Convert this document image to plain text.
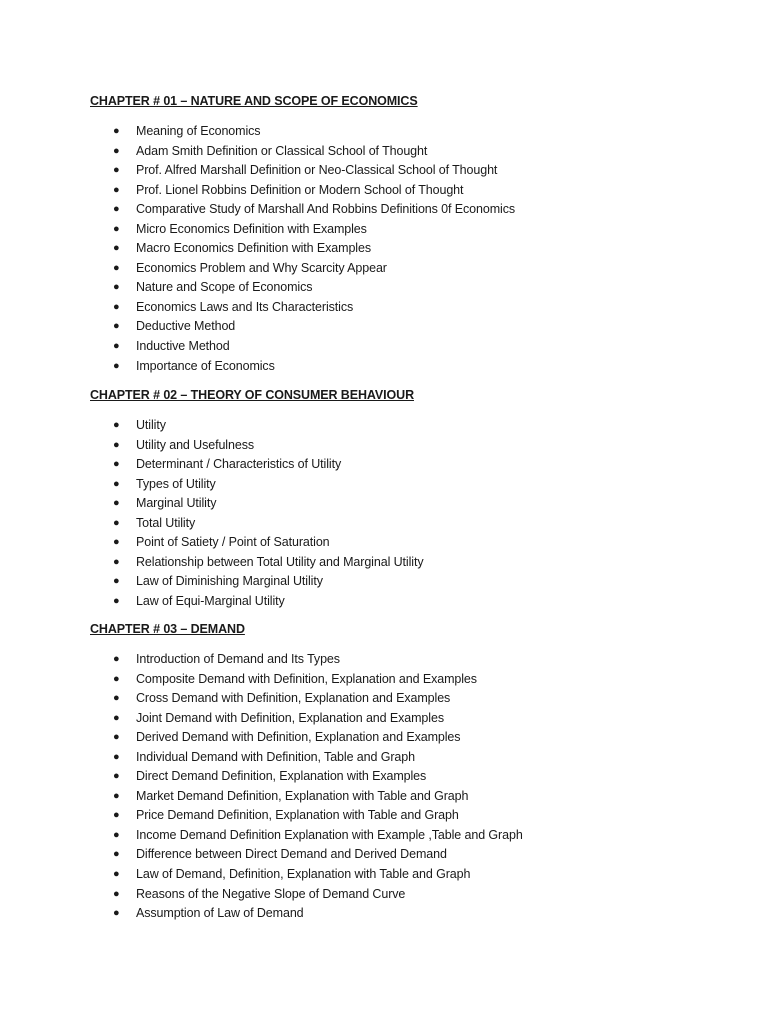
CHAPTER # 01 – NATURE AND SCOPE OF ECONOMICS
● Meaning of Economics
● Adam Smith Definition or Classical School of Thought
● Prof. Alfred Marshall Definition or Neo-Classical School of Thought
● Prof. Lionel Robbins Definition or Modern School of Thought
● Comparative Study of Marshall And Robbins Definitions 0f Economics
● Micro Economics Definition with Examples
● Macro Economics Definition with Examples
● Economics Problem and Why Scarcity Appear
● Nature and Scope of Economics
● Economics Laws and Its Characteristics
● Deductive Method
● Inductive Method
● Importance of Economics
CHAPTER # 02 – THEORY OF CONSUMER BEHAVIOUR
● Utility
● Utility and Usefulness
● Determinant / Characteristics of Utility
● Types of Utility
● Marginal Utility
● Total Utility
● Point of Satiety / Point of Saturation
● Relationship between Total Utility and Marginal Utility
● Law of Diminishing Marginal Utility
● Law of Equi-Marginal Utility
CHAPTER # 03 – DEMAND
● Introduction of Demand and Its Types
● Composite Demand with Definition, Explanation and Examples
● Cross Demand with Definition, Explanation and Examples
● Joint Demand with Definition, Explanation and Examples
● Derived Demand with Definition, Explanation and Examples
● Individual Demand with Definition, Table and Graph
● Direct Demand Definition, Explanation with Examples
● Market Demand Definition, Explanation with Table and Graph
● Price Demand Definition, Explanation with Table and Graph
● Income Demand Definition Explanation with Example ,Table and Graph
● Difference between Direct Demand and Derived Demand
● Law of Demand, Definition, Explanation with Table and Graph
● Reasons of the Negative Slope of Demand Curve
● Assumption of Law of Demand
